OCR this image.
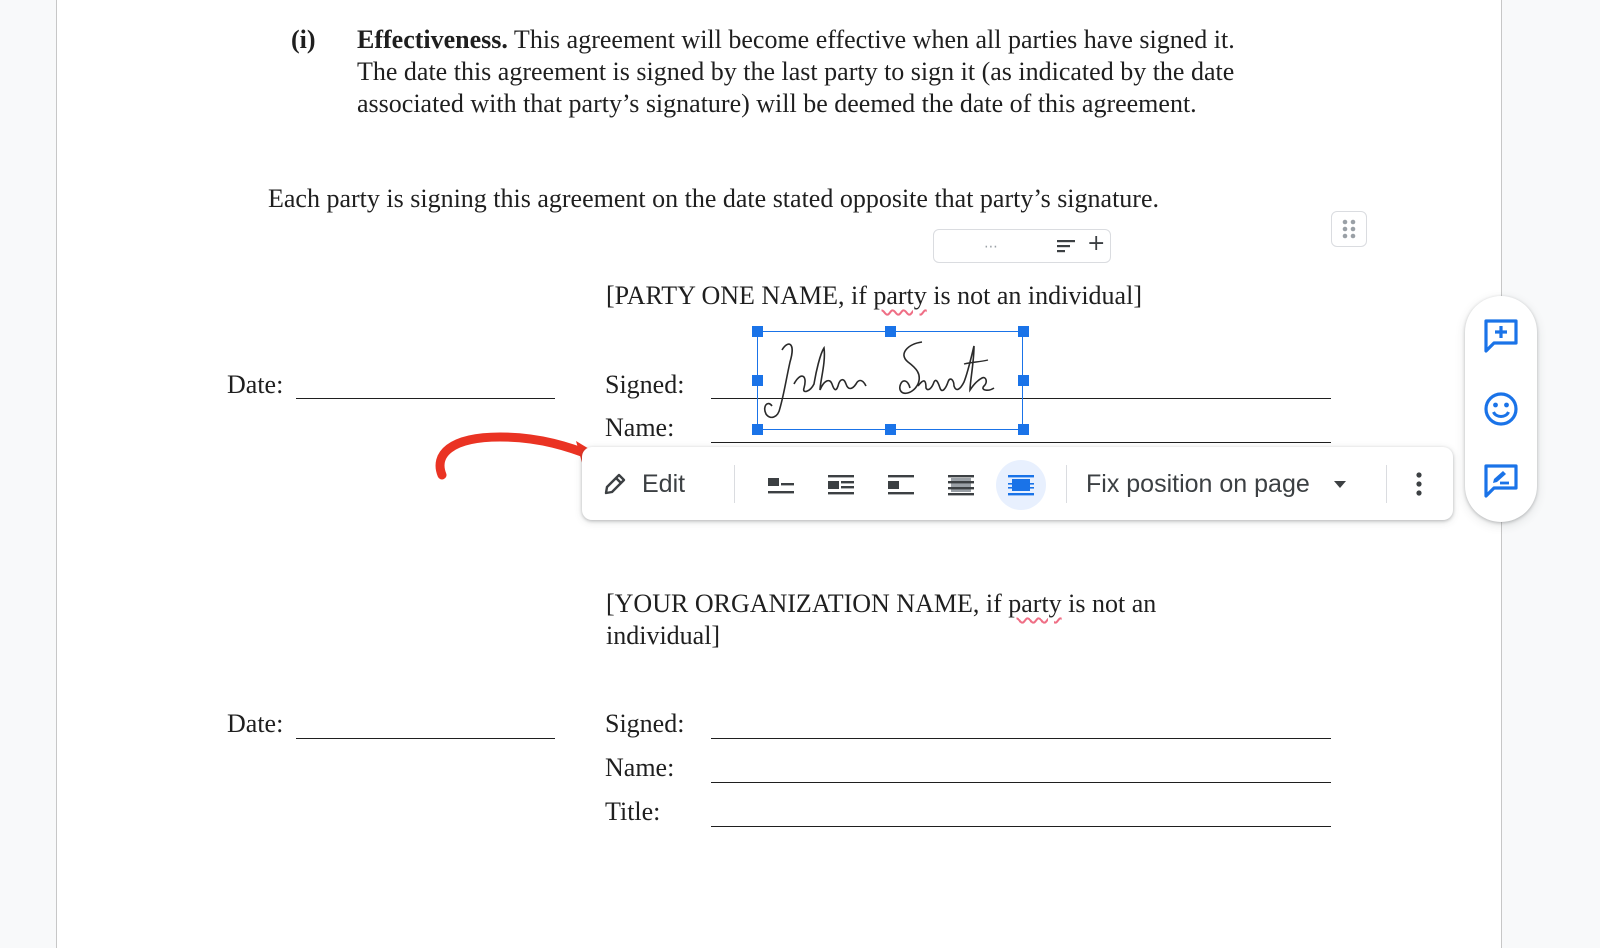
(i) Effectiveness. This agreement will become effective when all parties have signed it.
The date this agreement is signed by the last party to sign it (as indicated by the date
associated with that party’s signature) will be deemed the date of this agreement.
Each party is signing this agreement on the date stated opposite that party’s signature.
⋯	+
[PARTY ONE NAME, if party is not an individual]
Date:	Signed:
Name:
Edit	Fix position on page
[YOUR ORGANIZATION NAME, if party is not an
individual]
Date:	Signed:
Name:
Title:
